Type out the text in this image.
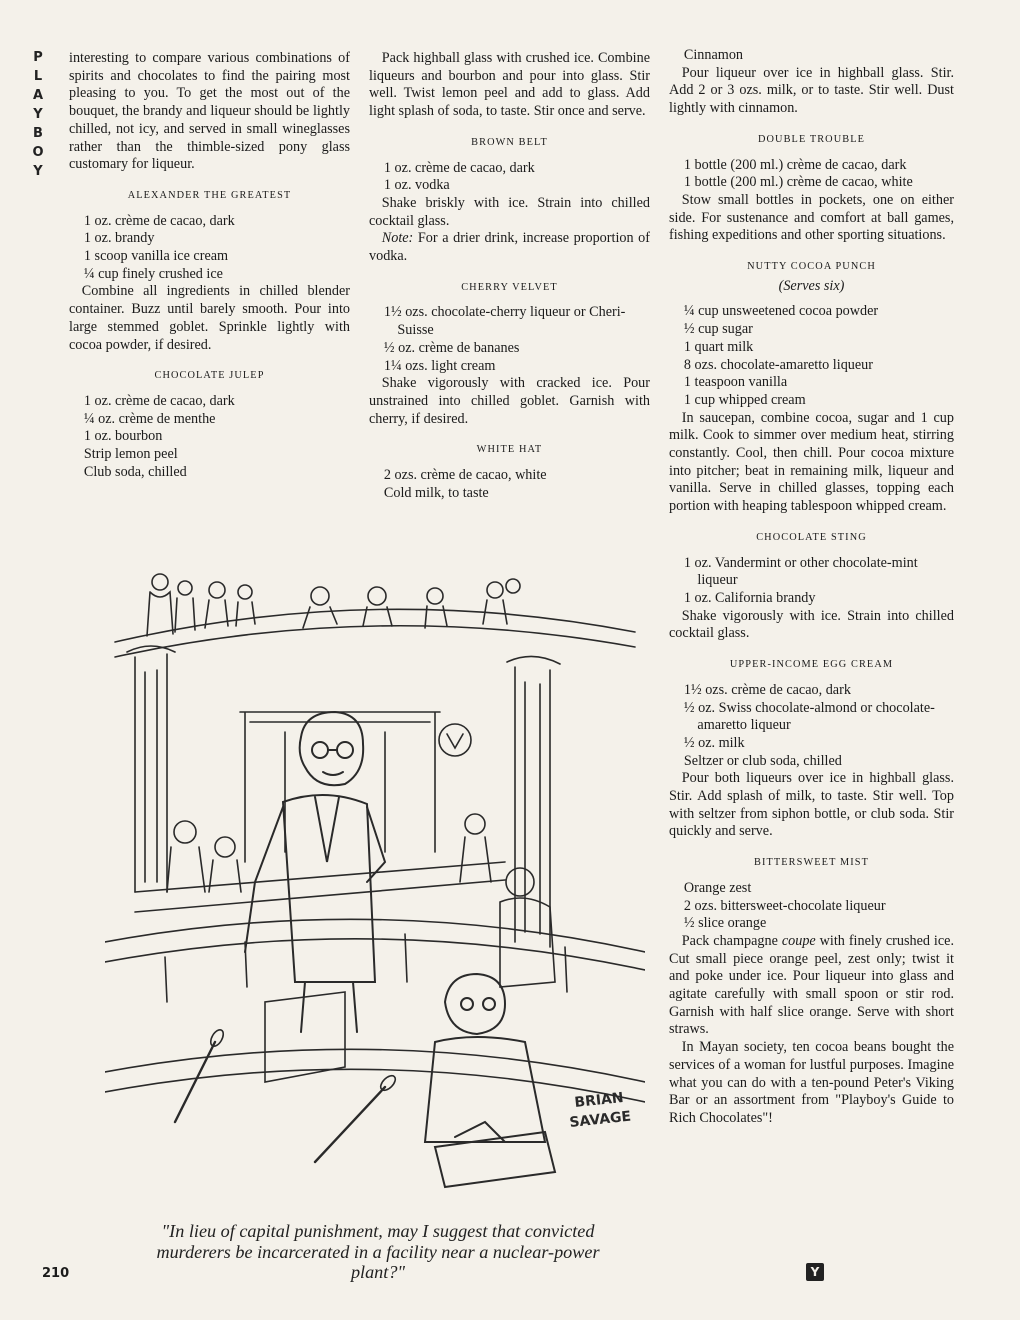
P
L
A
Y
B
O
Y

interesting to compare various combinations of spirits and chocolates to find the pairing most pleasing to you. To get the most out of the bouquet, the brandy and liqueur should be lightly chilled, not icy, and served in small wineglasses rather than the thimble-sized pony glass customary for liqueur.

ALEXANDER THE GREATEST
1 oz. crème de cacao, dark
1 oz. brandy
1 scoop vanilla ice cream
¼ cup finely crushed ice

Combine all ingredients in chilled blender container. Buzz until barely smooth. Pour into large stemmed goblet. Sprinkle lightly with cocoa powder, if desired.

CHOCOLATE JULEP
1 oz. crème de cacao, dark
¼ oz. crème de menthe
1 oz. bourbon
Strip lemon peel
Club soda, chilled

Pack highball glass with crushed ice. Combine liqueurs and bourbon and pour into glass. Stir well. Twist lemon peel and add to glass. Add light splash of soda, to taste. Stir once and serve.

BROWN BELT
1 oz. crème de cacao, dark
1 oz. vodka

Shake briskly with ice. Strain into chilled cocktail glass.

Note: For a drier drink, increase proportion of vodka.

CHERRY VELVET
1½ ozs. chocolate-cherry liqueur or Cheri-Suisse
½ oz. crème de bananes
1¼ ozs. light cream

Shake vigorously with cracked ice. Pour unstrained into chilled goblet. Garnish with cherry, if desired.

WHITE HAT
2 ozs. crème de cacao, white
Cold milk, to taste
Cinnamon

Pour liqueur over ice in highball glass. Stir. Add 2 or 3 ozs. milk, or to taste. Stir well. Dust lightly with cinnamon.

DOUBLE TROUBLE
1 bottle (200 ml.) crème de cacao, dark
1 bottle (200 ml.) crème de cacao, white

Stow small bottles in pockets, one on either side. For sustenance and comfort at ball games, fishing expeditions and other sporting situations.

NUTTY COCOA PUNCH
(Serves six)
¼ cup unsweetened cocoa powder
½ cup sugar
1 quart milk
8 ozs. chocolate-amaretto liqueur
1 teaspoon vanilla
1 cup whipped cream

In saucepan, combine cocoa, sugar and 1 cup milk. Cook to simmer over medium heat, stirring constantly. Cool, then chill. Pour cocoa mixture into pitcher; beat in remaining milk, liqueur and vanilla. Serve in chilled glasses, topping each portion with heaping tablespoon whipped cream.

CHOCOLATE STING
1 oz. Vandermint or other chocolate-mint liqueur
1 oz. California brandy

Shake vigorously with ice. Strain into chilled cocktail glass.

UPPER-INCOME EGG CREAM
1½ ozs. crème de cacao, dark
½ oz. Swiss chocolate-almond or chocolate-amaretto liqueur
½ oz. milk
Seltzer or club soda, chilled

Pour both liqueurs over ice in highball glass. Stir. Add splash of milk, to taste. Stir well. Top with seltzer from siphon bottle, or club soda. Stir quickly and serve.

BITTERSWEET MIST
Orange zest
2 ozs. bittersweet-chocolate liqueur
½ slice orange

Pack champagne coupe with finely crushed ice. Cut small piece orange peel, zest only; twist it and poke under ice. Pour liqueur into glass and agitate carefully with small spoon or stir rod. Garnish with half slice orange. Serve with short straws.

In Mayan society, ten cocoa beans bought the services of a woman for lustful purposes. Imagine what you can do with a ten-pound Peter's Viking Bar or an assortment from "Playboy's Guide to Rich Chocolates"!

BRIAN
SAVAGE
"In lieu of capital punishment, may I suggest that convicted murderers be incarcerated in a facility near a nuclear-power plant?"
210	Y
